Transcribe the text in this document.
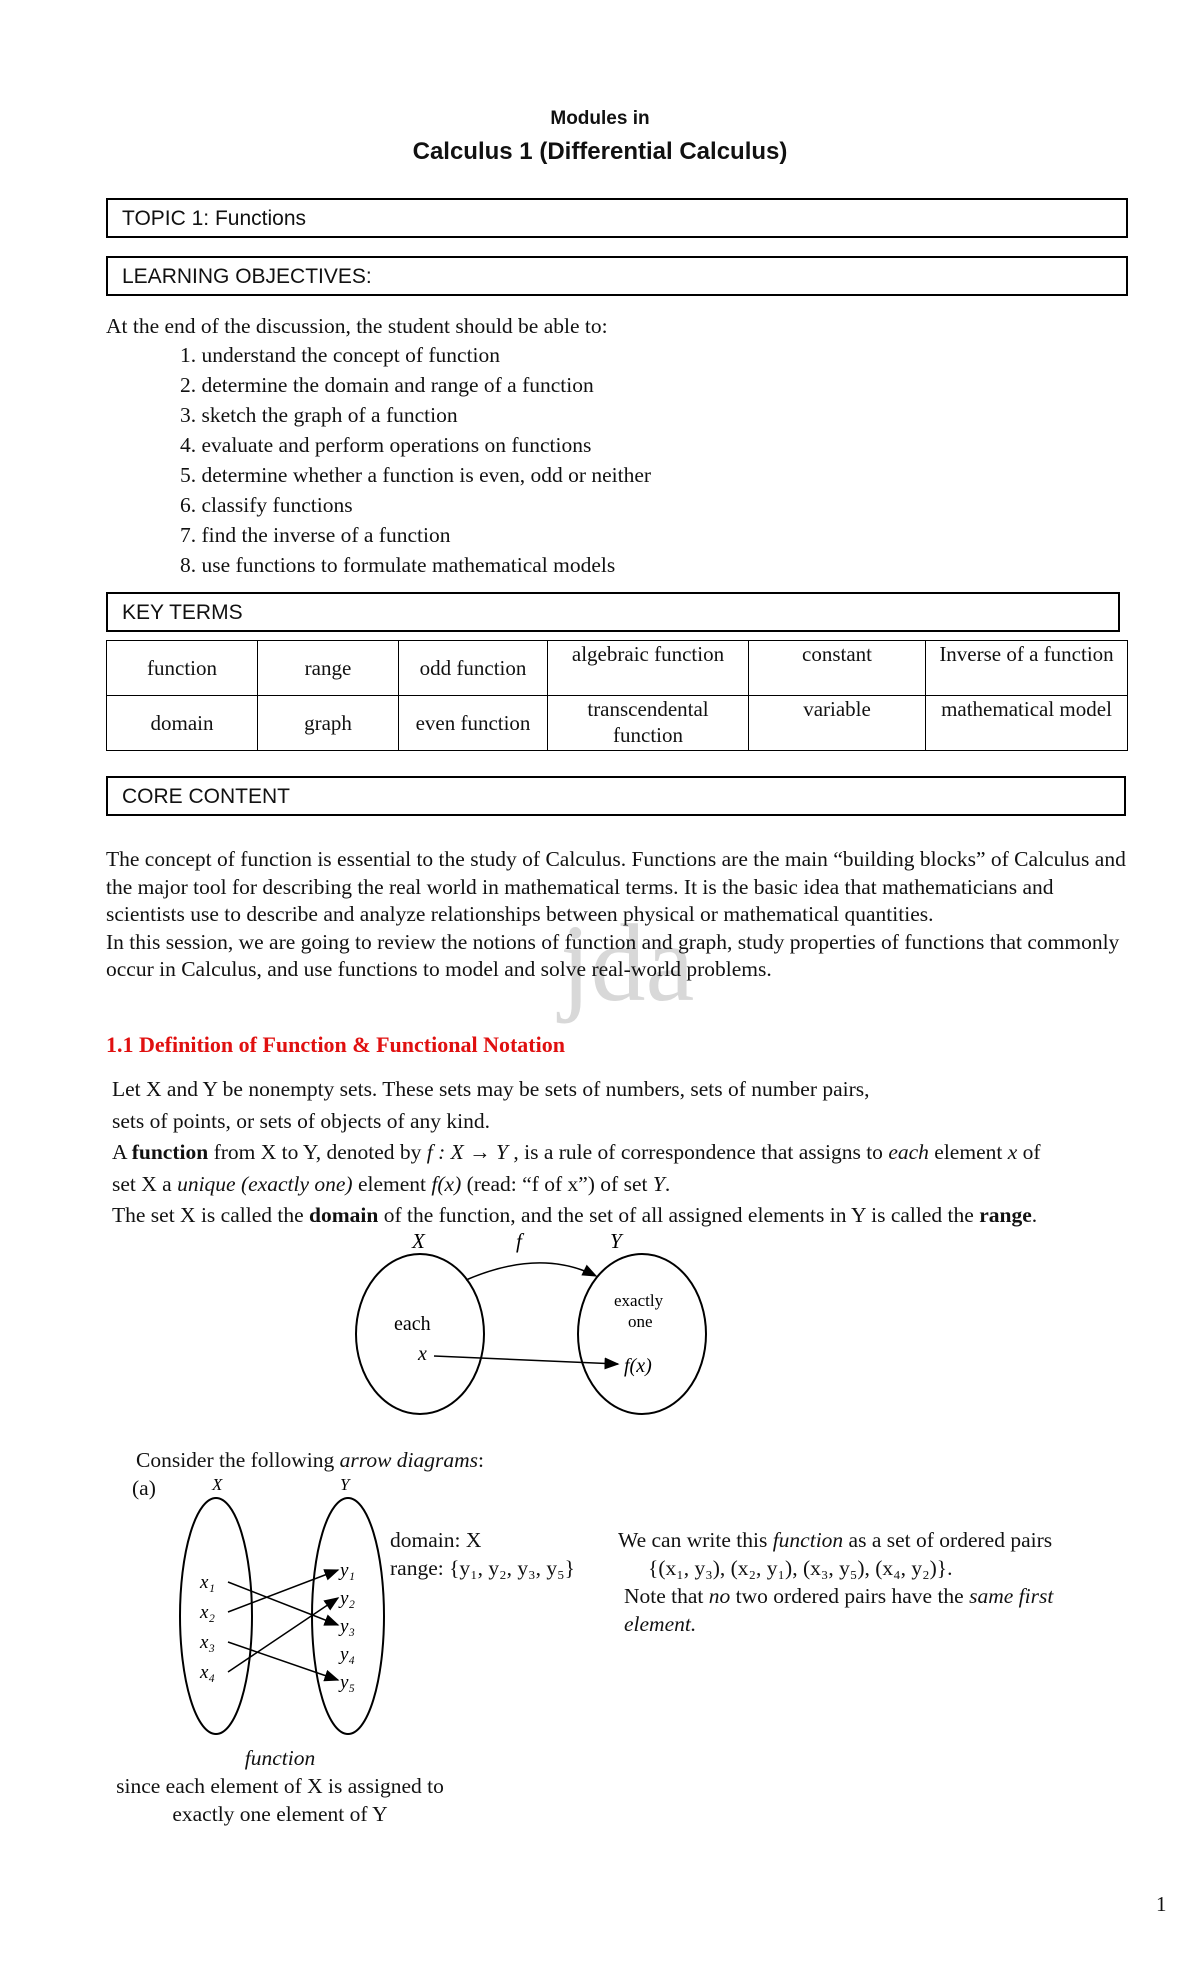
Modules in
Calculus 1 (Differential Calculus)
TOPIC 1: Functions
LEARNING OBJECTIVES:
At the end of the discussion, the student should be able to:
1. understand the concept of function
2. determine the domain and range of a function
3. sketch the graph of a function
4. evaluate and perform operations on functions
5. determine whether a function is even, odd or neither
6. classify functions
7. find the inverse of a function
8. use functions to formulate mathematical models
KEY TERMS
function	range	odd function	algebraic function	constant	Inverse of a function
domain	graph	even function	transcendental function	variable	mathematical model
CORE CONTENT
jda

The concept of function is essential to the study of Calculus. Functions are the main “building blocks” of Calculus and the major tool for describing the real world in mathematical terms. It is the basic idea that mathematicians and scientists use to describe and analyze relationships between physical or mathematical quantities.

In this session, we are going to review the notions of function and graph, study properties of functions that commonly occur in Calculus, and use functions to model and solve real-world problems.

1.1 Definition of Function & Functional Notation
Let X and Y be nonempty sets. These sets may be sets of numbers, sets of number pairs,
sets of points, or sets of objects of any kind.
A function from X to Y, denoted by f : X → Y , is a rule of correspondence that assigns to each element x of
set X a unique (exactly one) element f(x) (read: “f of x”) of set Y.
The set X is called the domain of the function, and the set of all assigned elements in Y is called the range.
X	f	Y
each
x
exactly
one
f(x)
Consider the following arrow diagrams:
(a)	X	Y
x₁
x₂
x₃
x₄
y₁
y₂
y₃
y₄
y₅
domain: X
range: {y₁, y₂, y₃, y₅}
We can write this function as a set of ordered pairs
{(x₁, y₃), (x₂, y₁), (x₃, y₅), (x₄, y₂)}.
Note that no two ordered pairs have the same first
element.
function
since each element of X is assigned to
exactly one element of Y
1
